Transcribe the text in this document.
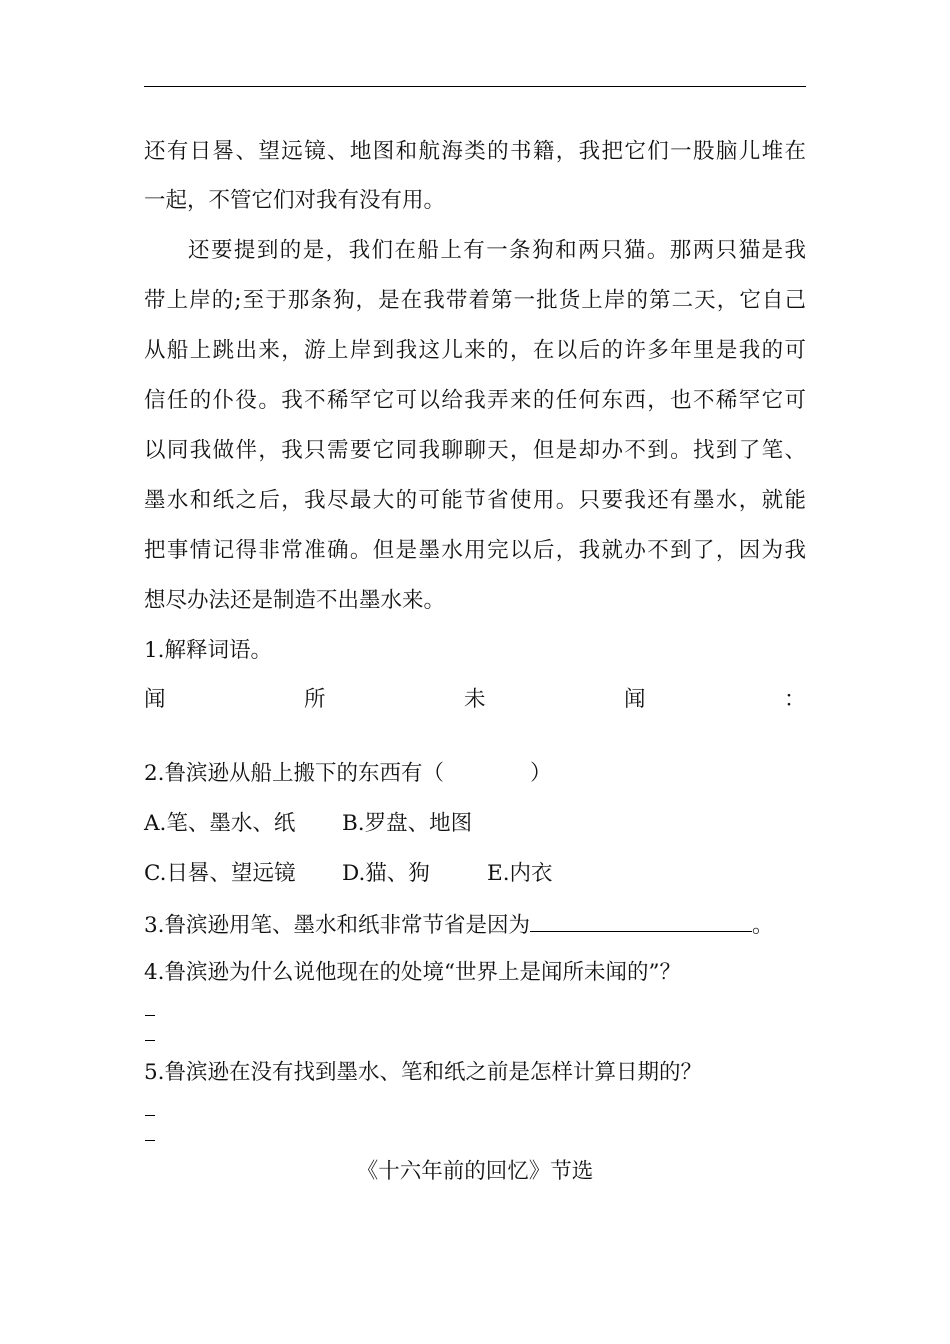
还有日晷、望远镜、地图和航海类的书籍，我把它们一股脑儿堆在
一起，不管它们对我有没有用。
还要提到的是，我们在船上有一条狗和两只猫。那两只猫是我
带上岸的;至于那条狗，是在我带着第一批货上岸的第二天，它自己
从船上跳出来，游上岸到我这儿来的，在以后的许多年里是我的可
信任的仆役。我不稀罕它可以给我弄来的任何东西，也不稀罕它可
以同我做伴，我只需要它同我聊聊天，但是却办不到。找到了笔、
墨水和纸之后，我尽最大的可能节省使用。只要我还有墨水，就能
把事情记得非常准确。但是墨水用完以后，我就办不到了，因为我
想尽办法还是制造不出墨水来。
1.解释词语。
闻	所	未	闻	：
2.鲁滨逊从船上搬下的东西有（　　　　）
A.笔、墨水、纸 B.罗盘、地图
C.日晷、望远镜 D.猫、狗	E.内衣
3.鲁滨逊用笔、墨水和纸非常节省是因为	。
4.鲁滨逊为什么说他现在的处境“世界上是闻所未闻的”？
5.鲁滨逊在没有找到墨水、笔和纸之前是怎样计算日期的？
《十六年前的回忆》节选
